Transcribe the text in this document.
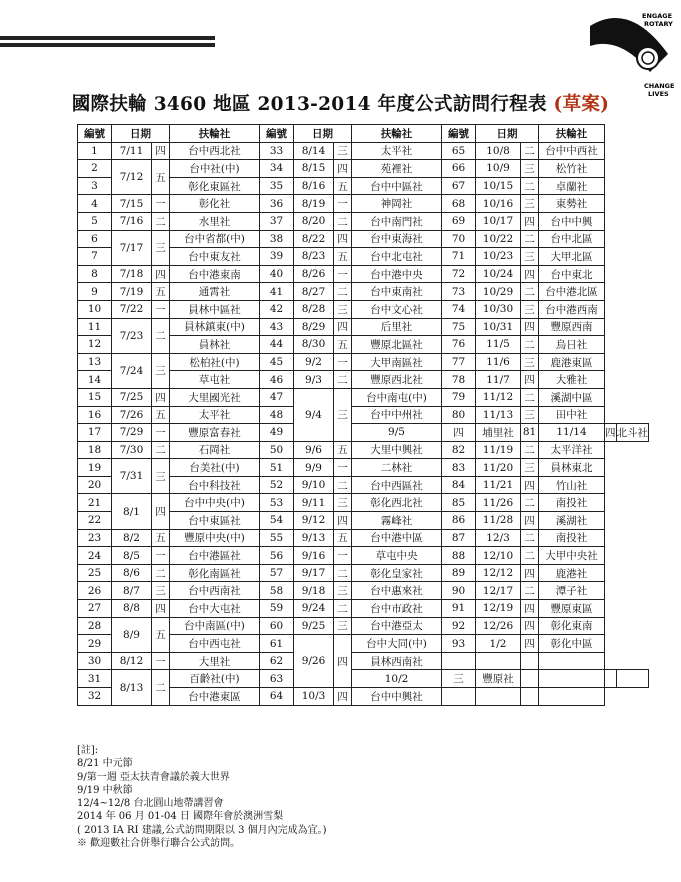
ENGAGE
ROTARY
CHANGE
LIVES
國際扶輪 3460 地區 2013-2014 年度公式訪問行程表 (草案)
編號	日期		扶輪社	編號	日期		扶輪社	編號	日期		扶輪社		
1	7/11	四	台中西北社	33	8/14	三	太平社	65	10/8	二	台中中西社		
2	7/12	五	台中社(中)	34	8/15	四	苑裡社	66	10/9	三	松竹社		
3			彰化東區社	35	8/16	五	台中中區社	67	10/15	二	卓蘭社		
4	7/15	一	彰化社	36	8/19	一	神岡社	68	10/16	三	東勢社		
5	7/16	二	水里社	37	8/20	二	台中南門社	69	10/17	四	台中中興		
6	7/17	三	台中省都(中)	38	8/22	四	台中東海社	70	10/22	二	台中北區		
7			台中東友社	39	8/23	五	台中北屯社	71	10/23	三	大甲北區		
8	7/18	四	台中港東南	40	8/26	一	台中港中央	72	10/24	四	台中東北		
9	7/19	五	通霄社	41	8/27	二	台中東南社	73	10/29	二	台中港北區		
10	7/22	一	員林中區社	42	8/28	三	台中文心社	74	10/30	三	台中港西南		
11	7/23	二	員林鎮東(中)	43	8/29	四	后里社	75	10/31	四	豐原西南		
12			員林社	44	8/30	五	豐原北區社	76	11/5	二	烏日社		
13	7/24	三	松柏社(中)	45	9/2	一	大甲南區社	77	11/6	三	鹿港東區		
14			草屯社	46	9/3	二	豐原西北社	78	11/7	四	大雅社		
15	7/25	四	大里國光社	47	9/4	三	台中南屯(中)	79	11/12	二	溪湖中區		
16	7/26	五	太平社	48			台中中州社	80	11/13	三	田中社		
17	7/29	一	豐原富春社	49			9/5	四	埔里社	81	11/14	四	北斗社
18	7/30	二	石岡社	50	9/6	五	大里中興社	82	11/19	二	太平洋社		
19	7/31	三	台美社(中)	51	9/9	一	二林社	83	11/20	三	員林東北		
20			台中科技社	52	9/10	二	台中西區社	84	11/21	四	竹山社		
21	8/1	四	台中中央(中)	53	9/11	三	彰化西北社	85	11/26	二	南投社		
22			台中東區社	54	9/12	四	霧峰社	86	11/28	四	溪湖社		
23	8/2	五	豐原中央(中)	55	9/13	五	台中港中區	87	12/3	二	南投社		
24	8/5	一	台中港區社	56	9/16	一	草屯中央	88	12/10	二	大甲中央社		
25	8/6	二	彰化南區社	57	9/17	二	彰化皇家社	89	12/12	四	鹿港社		
26	8/7	三	台中西南社	58	9/18	三	台中惠來社	90	12/17	二	潭子社		
27	8/8	四	台中大屯社	59	9/24	二	台中市政社	91	12/19	四	豐原東區		
28	8/9	五	台中南區(中)	60	9/25	三	台中港亞太	92	12/26	四	彰化東南		
29			台中西屯社	61	9/26	四	台中大同(中)	93	1/2	四	彰化中區		
30	8/12	一	大里社	62			員林西南社						
31	8/13	二	百齡社(中)	63			10/2	三	豐原社				
32			台中港東區	64	10/3	四	台中中興社						
[註]:
8/21 中元節
9/第一週 亞太扶青會議於義大世界
9/19 中秋節
12/4~12/8 台北圓山地帶講習會
2014 年 06 月 01-04 日 國際年會於澳洲雪梨
( 2013 IA RI 建議,公式訪問期限以 3 個月內完成為宜。)
※ 歡迎數社合併舉行聯合公式訪問。
